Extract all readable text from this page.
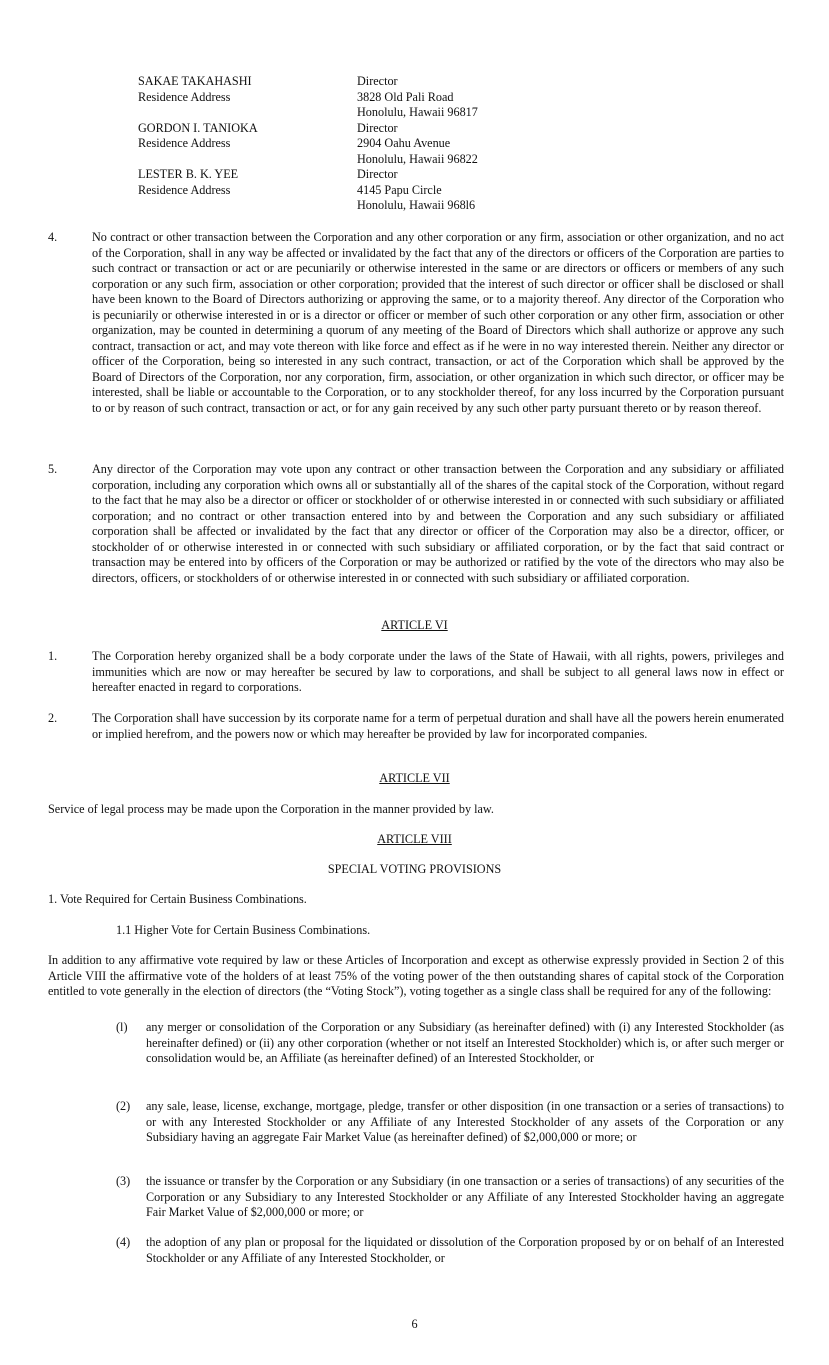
SAKAE TAKAHASHI	Director
Residence Address	3828 Old Pali Road
Honolulu, Hawaii 96817
GORDON I. TANIOKA	Director
Residence Address	2904 Oahu Avenue
Honolulu, Hawaii 96822
LESTER B. K. YEE	Director
Residence Address	4145 Papu Circle
Honolulu, Hawaii 968l6
4.	No contract or other transaction between the Corporation and any other corporation or any firm, association or other organization, and no act of the Corporation, shall in any way be affected or invalidated by the fact that any of the directors or officers of the Corporation are parties to such contract or transaction or act or are pecuniarily or otherwise interested in the same or are directors or officers or members of any such corporation or any such firm, association or other corporation; provided that the interest of such director or officer shall be disclosed or shall have been known to the Board of Directors authorizing or approving the same, or to a majority thereof. Any director of the Corporation who is pecuniarily or otherwise interested in or is a director or officer or member of such other corporation or any other firm, association or other organization, may be counted in determining a quorum of any meeting of the Board of Directors which shall authorize or approve any such contract, transaction or act, and may vote thereon with like force and effect as if he were in no way interested therein. Neither any director or officer of the Corporation, being so interested in any such contract, transaction, or act of the Corporation which shall be approved by the Board of Directors of the Corporation, nor any corporation, firm, association, or other organization in which such director, or officer may be interested, shall be liable or accountable to the Corporation, or to any stockholder thereof, for any loss incurred by the Corporation pursuant to or by reason of such contract, transaction or act, or for any gain received by any such other party pursuant thereto or by reason thereof.
5.	Any director of the Corporation may vote upon any contract or other transaction between the Corporation and any subsidiary or affiliated corporation, including any corporation which owns all or substantially all of the shares of the capital stock of the Corporation, without regard to the fact that he may also be a director or officer or stockholder of or otherwise interested in or connected with such subsidiary or affiliated corporation; and no contract or other transaction entered into by and between the Corporation and any such subsidiary or affiliated corporation shall be affected or invalidated by the fact that any director or officer of the Corporation may also be a director, officer, or stockholder of or otherwise interested in or connected with such subsidiary or affiliated corporation, or by the fact that said contract or transaction may be entered into by officers of the Corporation or may be authorized or ratified by the vote of the directors who may also be directors, officers, or stockholders of or otherwise interested in or connected with such subsidiary or affiliated corporation.
ARTICLE VI
1.	The Corporation hereby organized shall be a body corporate under the laws of the State of Hawaii, with all rights, powers, privileges and immunities which are now or may hereafter be secured by law to corporations, and shall be subject to all general laws now in effect or hereafter enacted in regard to corporations.
2.	The Corporation shall have succession by its corporate name for a term of perpetual duration and shall have all the powers herein enumerated or implied herefrom, and the powers now or which may hereafter be provided by law for incorporated companies.
ARTICLE VII
Service of legal process may be made upon the Corporation in the manner provided by law.
ARTICLE VIII
SPECIAL VOTING PROVISIONS
1. Vote Required for Certain Business Combinations.
1.1 Higher Vote for Certain Business Combinations.
In addition to any affirmative vote required by law or these Articles of Incorporation and except as otherwise expressly provided in Section 2 of this Article VIII the affirmative vote of the holders of at least 75% of the voting power of the then outstanding shares of capital stock of the Corporation entitled to vote generally in the election of directors (the “Voting Stock”), voting together as a single class shall be required for any of the following:
(l)	any merger or consolidation of the Corporation or any Subsidiary (as hereinafter defined) with (i) any Interested Stockholder (as hereinafter defined) or (ii) any other corporation (whether or not itself an Interested Stockholder) which is, or after such merger or consolidation would be, an Affiliate (as hereinafter defined) of an Interested Stockholder, or
(2)	any sale, lease, license, exchange, mortgage, pledge, transfer or other disposition (in one transaction or a series of transactions) to or with any Interested Stockholder or any Affiliate of any Interested Stockholder of any assets of the Corporation or any Subsidiary having an aggregate Fair Market Value (as hereinafter defined) of $2,000,000 or more; or
(3)	the issuance or transfer by the Corporation or any Subsidiary (in one transaction or a series of transactions) of any securities of the Corporation or any Subsidiary to any Interested Stockholder or any Affiliate of any Interested Stockholder having an aggregate Fair Market Value of $2,000,000 or more; or
(4)	the adoption of any plan or proposal for the liquidated or dissolution of the Corporation proposed by or on behalf of an Interested Stockholder or any Affiliate of any Interested Stockholder, or
6
